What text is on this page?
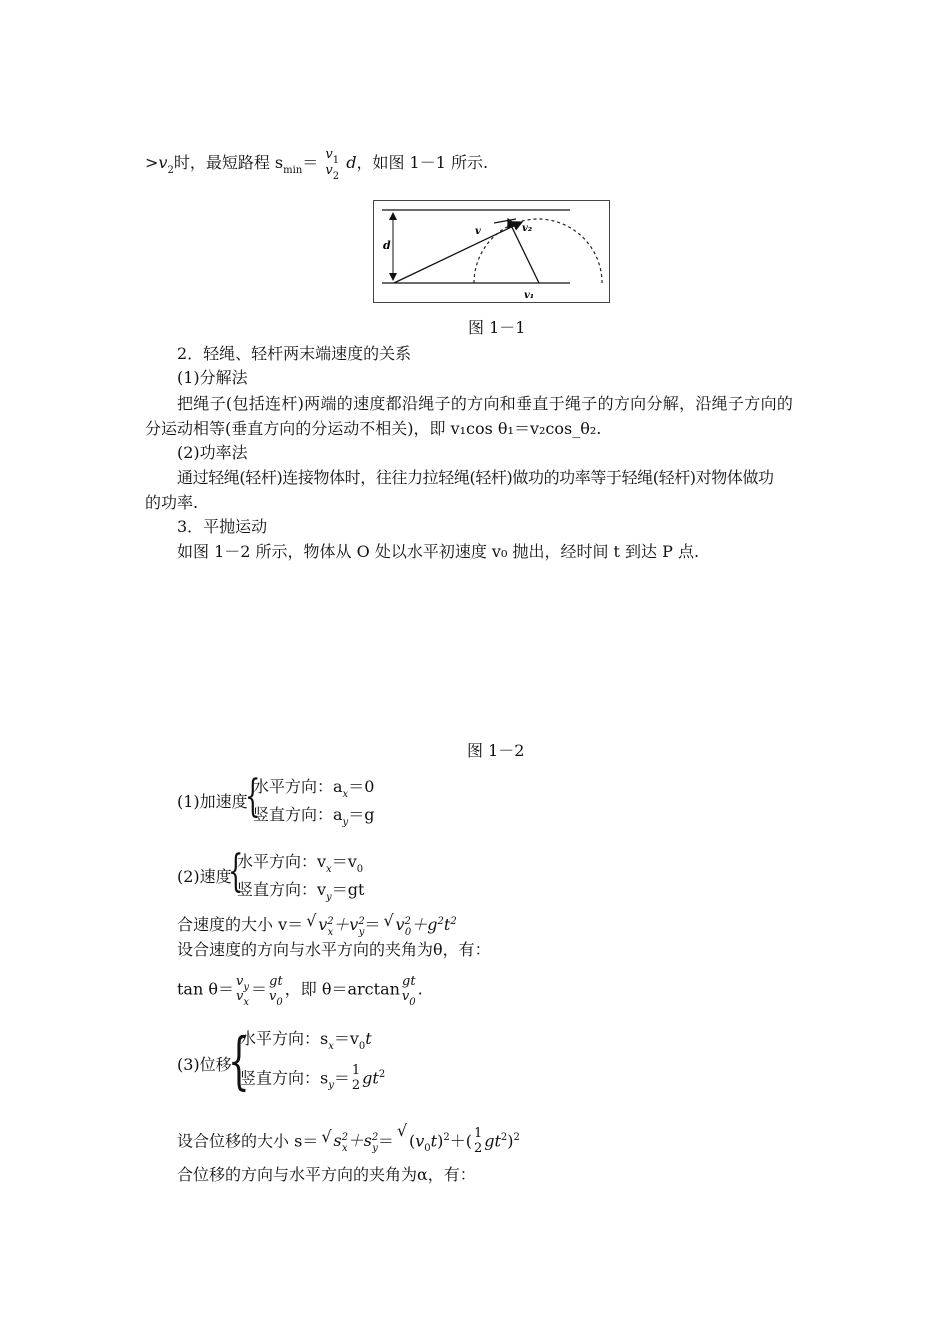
$>v_2$时，最短路程 $s_{min}= v_1$
$v_2$
d，如图 1－1 所示.
d
v	v₂
v₁
图 1－1
2．轻绳、轻杆两末端速度的关系
(1)分解法
把绳子(包括连杆)两端的速度都沿绳子的方向和垂直于绳子的方向分解，沿绳子方向的
分运动相等(垂直方向的分运动不相关)，即 v₁cos θ₁＝v₂cos_θ₂.
(2)功率法
通过轻绳(轻杆)连接物体时，往往力拉轻绳(轻杆)做功的功率等于轻绳(轻杆)对物体做功
的功率.
3．平抛运动
如图 1－2 所示，物体从 O 处以水平初速度 v₀ 抛出，经时间 t 到达 P 点.
图 1－2
(1)加速度
{
水平方向：$a_x=0$
竖直方向：$a_y=g$
(2)速度
{
水平方向：$v_x=v_0$
竖直方向：$v_y=gt$
合速度的大小 v＝ √ $v^2_x+v^2_y=$ √ $v^2_0+g^2t^2$
设合速度的方向与水平方向的夹角为θ，有：
$\tan \theta= v_y$
$v_x$
＝ gt
$v_0$
，即 θ＝arctan gt
$v_0$
.
(3)位移
{
水平方向：$s_x=v_0t$
竖直方向：$s_y= 1$
2 $gt^2$
设合位移的大小 s＝ √ $s^2_x+s^2_y=$ √ $(v_0t)^2+$( 1
2 $gt^2)^2$
合位移的方向与水平方向的夹角为α，有：
